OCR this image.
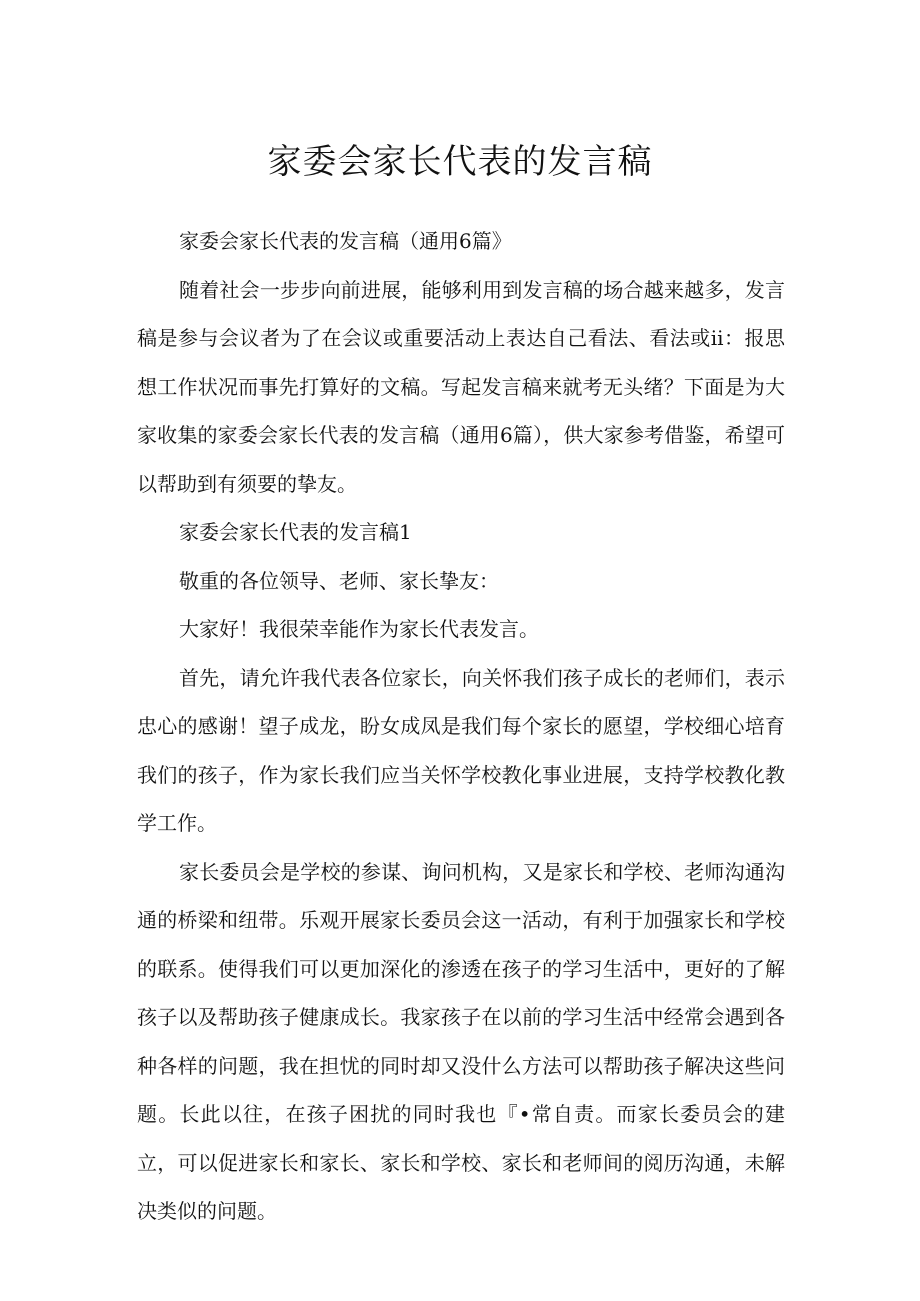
家委会家长代表的发言稿

家委会家长代表的发言稿（通用6篇》

随着社会一步步向前进展，能够利用到发言稿的场合越来越多，发言稿是参与会议者为了在会议或重要活动上表达自己看法、看法或ii：报思想工作状况而事先打算好的文稿。写起发言稿来就考无头绪？下面是为大家收集的家委会家长代表的发言稿（通用6篇），供大家参考借鉴，希望可以帮助到有须要的挚友。

家委会家长代表的发言稿1

敬重的各位领导、老师、家长挚友：

大家好！我很荣幸能作为家长代表发言。

首先，请允许我代表各位家长，向关怀我们孩子成长的老师们，表示忠心的感谢！望子成龙，盼女成凤是我们每个家长的愿望，学校细心培育我们的孩子，作为家长我们应当关怀学校教化事业进展，支持学校教化教学工作。

家长委员会是学校的参谋、询问机构，又是家长和学校、老师沟通沟通的桥梁和纽带。乐观开展家长委员会这一活动，有利于加强家长和学校的联系。使得我们可以更加深化的渗透在孩子的学习生活中，更好的了解孩子以及帮助孩子健康成长。我家孩子在以前的学习生活中经常会遇到各种各样的问题，我在担忧的同时却又没什么方法可以帮助孩子解决这些问题。长此以往，在孩子困扰的同时我也『•常自责。而家长委员会的建立，可以促进家长和家长、家长和学校、家长和老师间的阅历沟通，未解决类似的问题。
